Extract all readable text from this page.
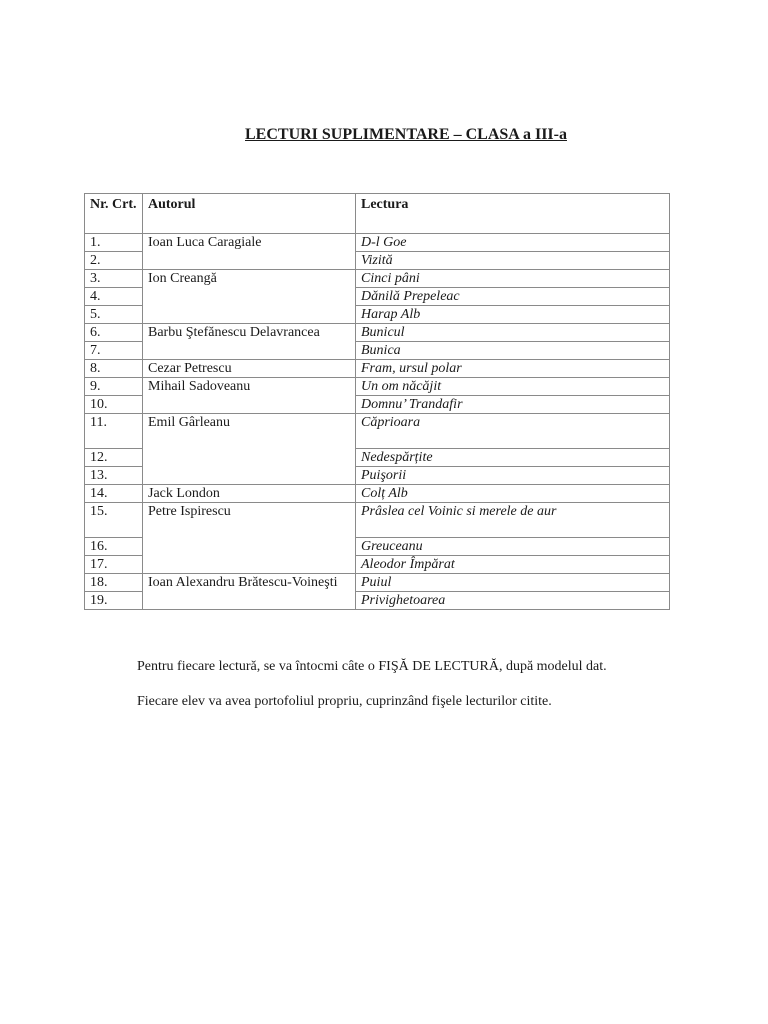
LECTURI SUPLIMENTARE – CLASA a III-a
Nr. Crt.	Autorul	Lectura
1.	Ioan Luca Caragiale	D-l Goe
2.		Vizită
3.	Ion Creangă	Cinci pâni
4.		Dănilă Prepeleac
5.		Harap Alb
6.	Barbu Ştefănescu Delavrancea	Bunicul
7.		Bunica
8.	Cezar Petrescu	Fram, ursul polar
9.	Mihail Sadoveanu	Un om năcăjit
10.		Domnu’ Trandafir
11.	Emil Gârleanu	Căprioara
12.		Nedespărțite
13.		Puişorii
14.	Jack London	Colț Alb
15.	Petre Ispirescu	Prâslea cel Voinic si merele de aur
16.		Greuceanu
17.		Aleodor Împărat
18.	Ioan Alexandru Brătescu-Voineşti	Puiul
19.		Privighetoarea
Pentru fiecare lectură, se va întocmi câte o FIŞĂ DE LECTURĂ, după modelul dat.
Fiecare elev va avea portofoliul propriu, cuprinzând fişele lecturilor citite.
